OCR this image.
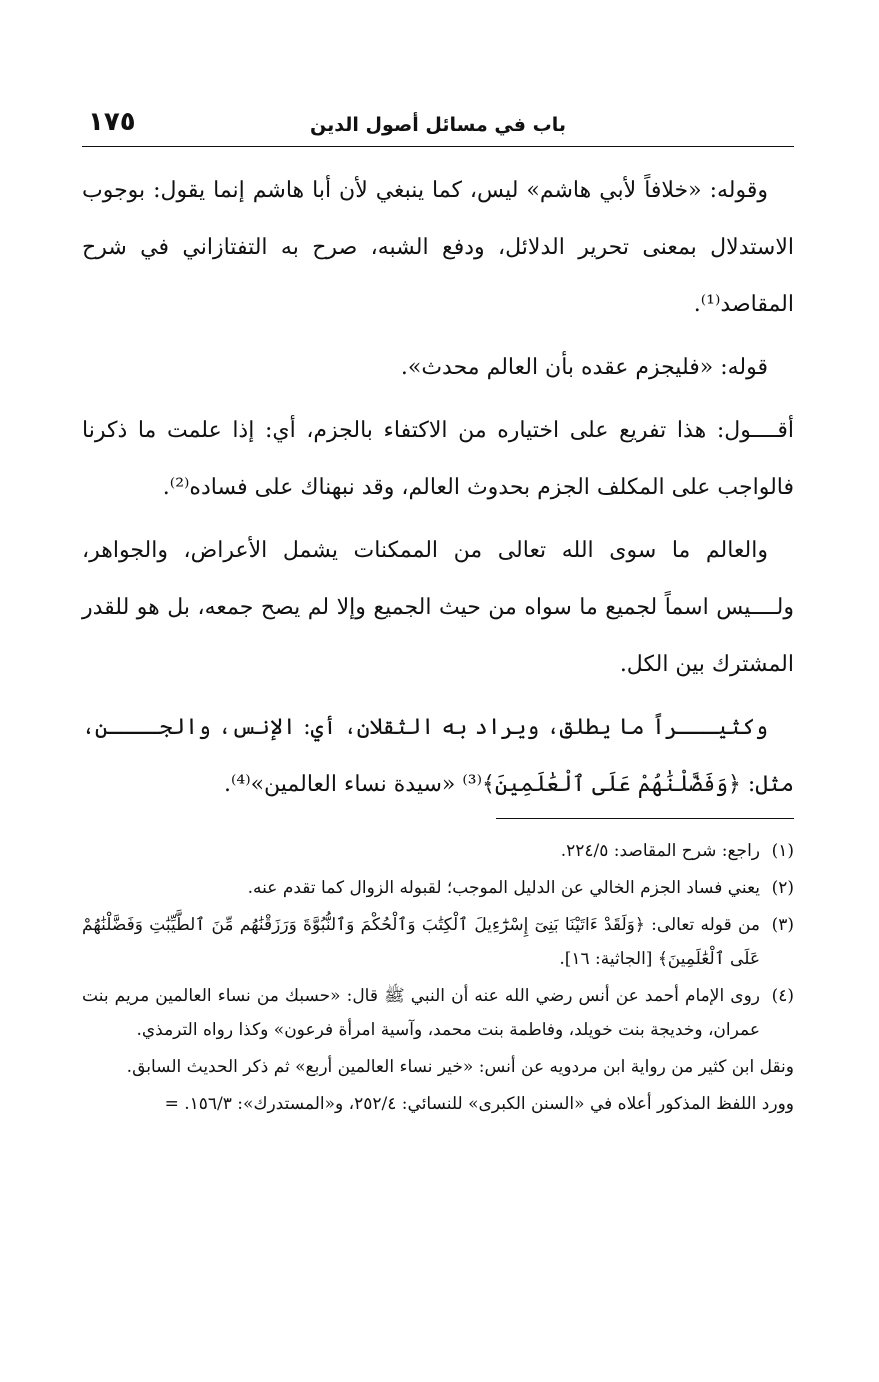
باب في مسائل أصول الدين
١٧٥

وقوله: «خلافاً لأبي هاشم» ليس، كما ينبغي لأن أبا هاشم إنما يقول: بوجوب الاستدلال بمعنى تحرير الدلائل، ودفع الشبه، صرح به التفتازاني في شرح المقاصد⁽¹⁾.

قوله: «فليجزم عقده بأن العالم محدث».

أقــــول: هذا تفريع على اختياره من الاكتفاء بالجزم، أي: إذا علمت ما ذكرنا فالواجب على المكلف الجزم بحدوث العالم، وقد نبهناك على فساده⁽²⁾.

والعالم ما سوى الله تعالى من الممكنات يشمل الأعراض، والجواهر، ولــــيس اسماً لجميع ما سواه من حيث الجميع وإلا لم يصح جمعه، بل هو للقدر المشترك بين الكل.

وكثيـــراً ما يطلق، ويراد به الثقلان، أي: الإنس، والجــــن، مثل: ﴿وَفَضَّلْنَٰهُمْ عَلَى ٱلْعَٰلَمِينَ﴾⁽³⁾ «سيدة نساء العالمين»⁽⁴⁾.

(١)راجع: شرح المقاصد: ٢٢٤/٥.

(٢)يعني فساد الجزم الخالي عن الدليل الموجب؛ لقبوله الزوال كما تقدم عنه.

(٣)من قوله تعالى: ﴿وَلَقَدْ ءَاتَيْنَا بَنِىٓ إِسْرَٰٓءِيلَ ٱلْكِتَٰبَ وَٱلْحُكْمَ وَٱلنُّبُوَّةَ وَرَزَقْنَٰهُم مِّنَ ٱلطَّيِّبَٰتِ وَفَضَّلْنَٰهُمْ عَلَى ٱلْعَٰلَمِينَ﴾ [الجاثية: ١٦].

(٤)روى الإمام أحمد عن أنس رضي الله عنه أن النبي ﷺ قال: «حسبك من نساء العالمين مريم بنت عمران، وخديجة بنت خويلد، وفاطمة بنت محمد، وآسية امرأة فرعون» وكذا رواه الترمذي.

ونقل ابن كثير من رواية ابن مردويه عن أنس: «خير نساء العالمين أربع» ثم ذكر الحديث السابق.

وورد اللفظ المذكور أعلاه في «السنن الكبرى» للنسائي: ٢٥٢/٤، و«المستدرك»: ١٥٦/٣. =
